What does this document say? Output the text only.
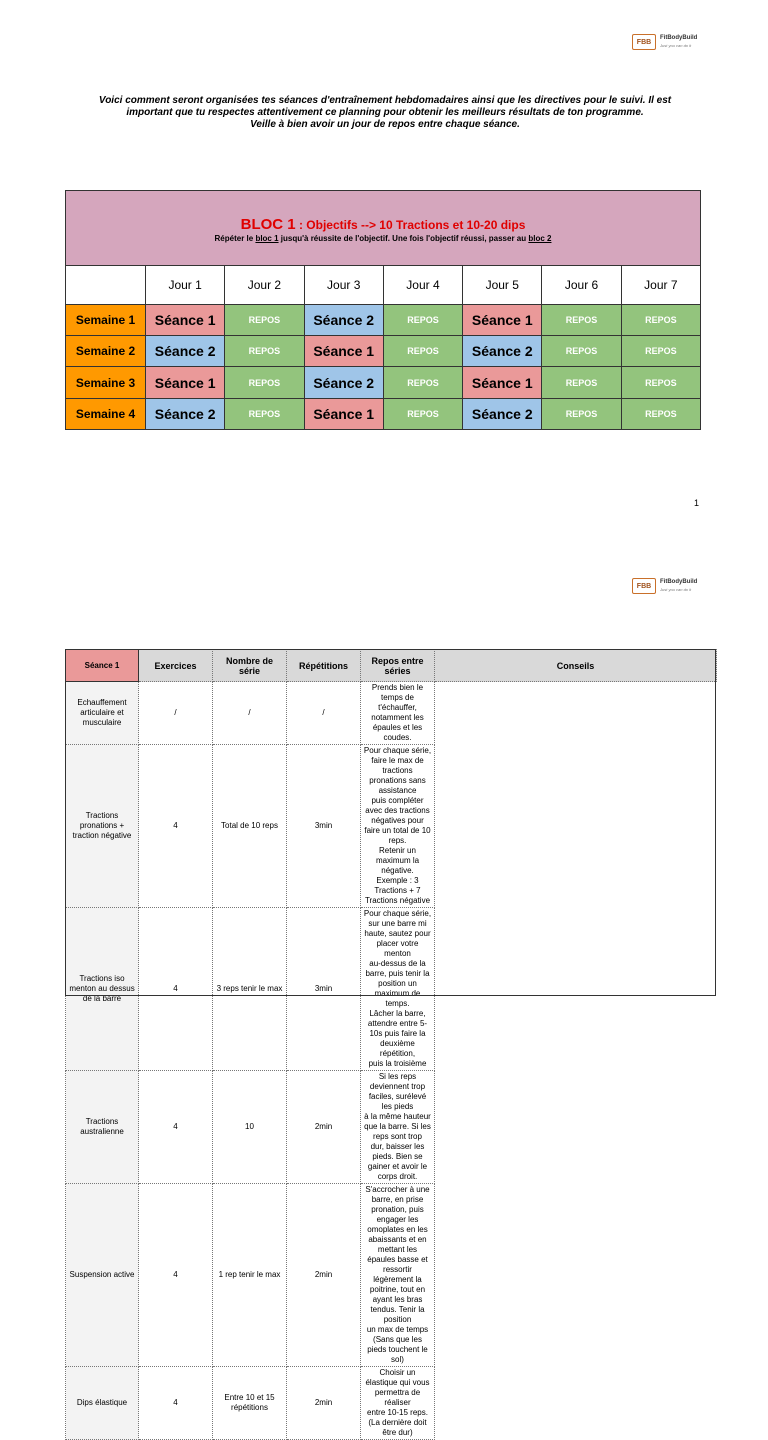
FBB
FitBodyBuild
Just you can do it
Voici comment seront organisées tes séances d'entraînement hebdomadaires ainsi que les directives pour le suivi. Il est
important que tu respectes attentivement ce planning pour obtenir les meilleurs résultats de ton programme.
Veille à bien avoir un jour de repos entre chaque séance.
BLOC 1 : Objectifs --> 10 Tractions et 10-20 dips
Répéter le bloc 1 jusqu'à réussite de l'objectif. Une fois l'objectif réussi, passer au bloc 2							

	Jour 1	Jour 2	Jour 3	Jour 4	Jour 5	Jour 6	Jour 7
Semaine 1	Séance 1	REPOS	Séance 2	REPOS	Séance 1	REPOS	REPOS
Semaine 2	Séance 2	REPOS	Séance 1	REPOS	Séance 2	REPOS	REPOS
Semaine 3	Séance 1	REPOS	Séance 2	REPOS	Séance 1	REPOS	REPOS
Semaine 4	Séance 2	REPOS	Séance 1	REPOS	Séance 2	REPOS	REPOS
1
FBB
FitBodyBuild
Just you can do it
Séance 1	Exercices	Nombre de série	Répétitions	Repos entre séries	Conseils
Echauffement articulaire et musculaire	/	/	/	Prends bien le temps de t'échauffer, notamment les
épaules et les coudes.	

Tractions pronations + traction négative	4	Total de 10 reps	3min	Pour chaque série, faire le max de tractions pronations sans assistance
puis compléter avec des tractions négatives pour faire un total de 10 reps.
Retenir un maximum la négative.
Exemple : 3 Tractions + 7 Tractions négative	

Tractions iso menton au dessus de la barre	4	3 reps tenir le max	3min	Pour chaque série, sur une barre mi haute, sautez pour placer votre menton
au-dessus de la barre, puis tenir la position un maximum de temps.
Lâcher la barre, attendre entre 5-10s puis faire la deuxième répétition,
puis la troisième	

Tractions australienne	4	10	2min	Si les reps deviennent trop faciles, surélevé les pieds
à la même hauteur que la barre. Si les reps sont trop
dur, baisser les pieds. Bien se gainer et avoir le corps droit.	

Suspension active	4	1 rep tenir le max	2min	S'accrocher à une barre, en prise pronation, puis engager les omoplates en les
abaissants et en mettant les épaules basse et ressortir légèrement la
poitrine, tout en ayant les bras tendus. Tenir la position
un max de temps (Sans que les pieds touchent le sol)	

Dips élastique	4	Entre 10 et 15 répétitions	2min	Choisir un élastique qui vous permettra de réaliser
entre 10-15 reps. (La dernière doit être dur)	
